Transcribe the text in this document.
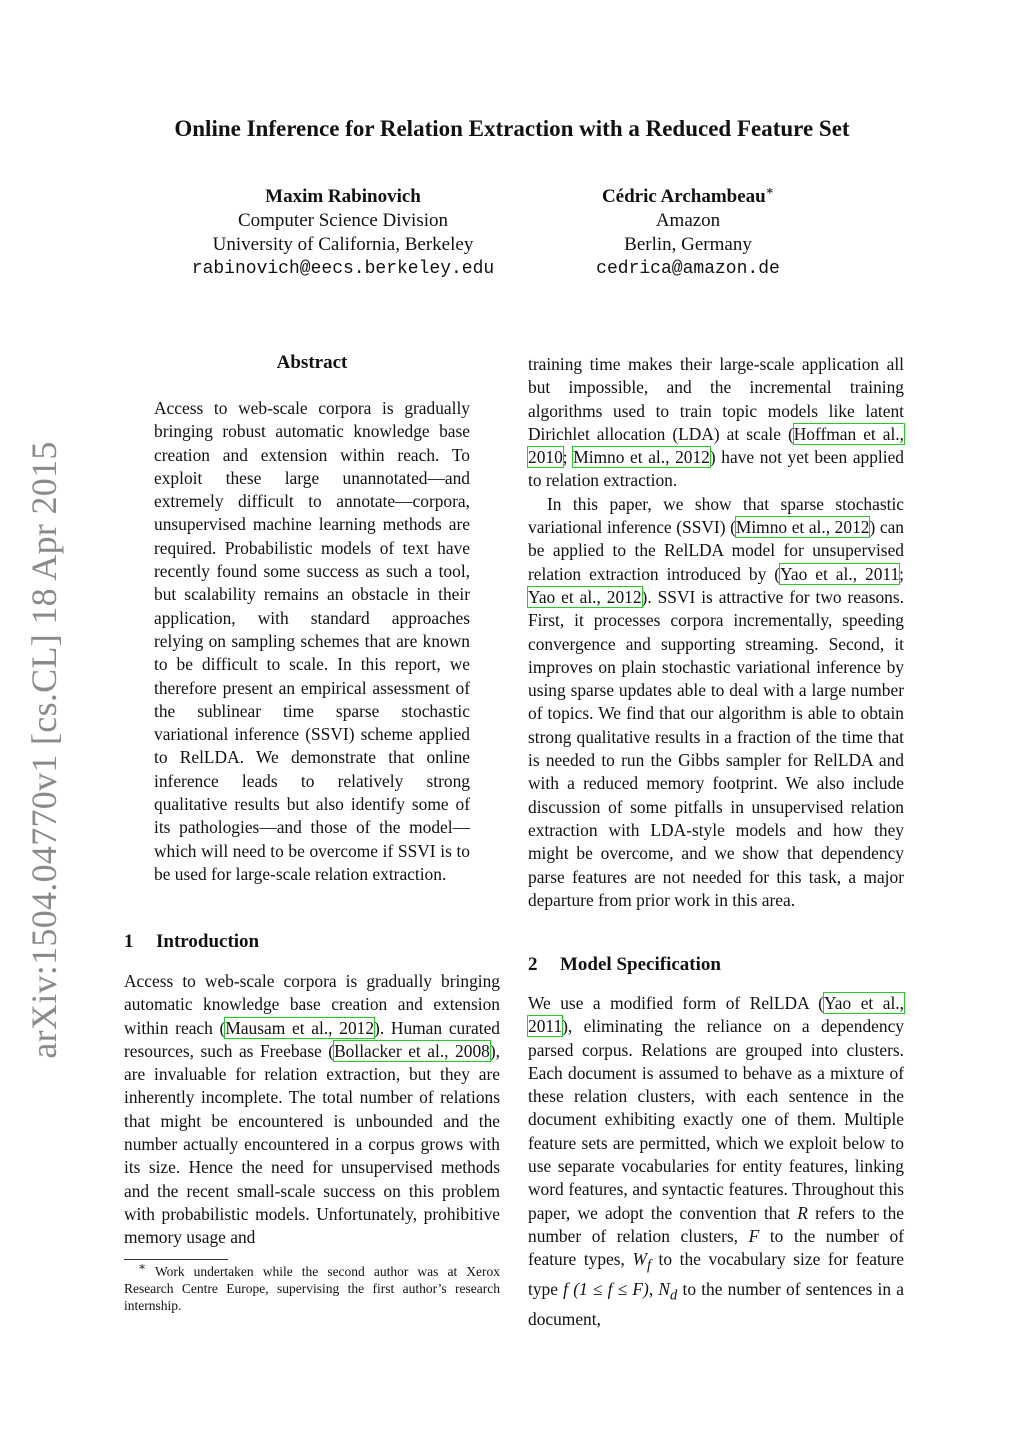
arXiv:1504.04770v1 [cs.CL] 18 Apr 2015
Online Inference for Relation Extraction with a Reduced Feature Set
Maxim Rabinovich
Computer Science Division
University of California, Berkeley
rabinovich@eecs.berkeley.edu
Cédric Archambeau∗
Amazon
Berlin, Germany
cedrica@amazon.de
Abstract
Access to web-scale corpora is gradually bringing robust automatic knowledge base creation and extension within reach. To exploit these large unannotated—and extremely difficult to annotate—corpora, unsupervised machine learning methods are required. Probabilistic models of text have recently found some success as such a tool, but scalability remains an obstacle in their application, with standard approaches relying on sampling schemes that are known to be difficult to scale. In this report, we therefore present an empirical assessment of the sublinear time sparse stochastic variational inference (SSVI) scheme applied to RelLDA. We demonstrate that online inference leads to relatively strong qualitative results but also identify some of its pathologies—and those of the model—which will need to be overcome if SSVI is to be used for large-scale relation extraction.
1 Introduction

Access to web-scale corpora is gradually bringing automatic knowledge base creation and extension within reach (Mausam et al., 2012). Human curated resources, such as Freebase (Bollacker et al., 2008), are invaluable for relation extraction, but they are inherently incomplete. The total number of relations that might be encountered is unbounded and the number actually encountered in a corpus grows with its size. Hence the need for unsupervised methods and the recent small-scale success on this problem with probabilistic models. Unfortunately, prohibitive memory usage and

training time makes their large-scale application all but impossible, and the incremental training algorithms used to train topic models like latent Dirichlet allocation (LDA) at scale (Hoffman et al., 2010; Mimno et al., 2012) have not yet been applied to relation extraction.

In this paper, we show that sparse stochastic variational inference (SSVI) (Mimno et al., 2012) can be applied to the RelLDA model for unsupervised relation extraction introduced by (Yao et al., 2011; Yao et al., 2012). SSVI is attractive for two reasons. First, it processes corpora incrementally, speeding convergence and supporting streaming. Second, it improves on plain stochastic variational inference by using sparse updates able to deal with a large number of topics. We find that our algorithm is able to obtain strong qualitative results in a fraction of the time that is needed to run the Gibbs sampler for RelLDA and with a reduced memory footprint. We also include discussion of some pitfalls in unsupervised relation extraction with LDA-style models and how they might be overcome, and we show that dependency parse features are not needed for this task, a major departure from prior work in this area.

2 Model Specification

We use a modified form of RelLDA (Yao et al., 2011), eliminating the reliance on a dependency parsed corpus. Relations are grouped into clusters. Each document is assumed to behave as a mixture of these relation clusters, with each sentence in the document exhibiting exactly one of them. Multiple feature sets are permitted, which we exploit below to use separate vocabularies for entity features, linking word features, and syntactic features. Throughout this paper, we adopt the convention that R refers to the number of relation clusters, F to the number of feature types, $W_f$ to the vocabulary size for feature type f (1 ≤ f ≤ F), $N_d$ to the number of sentences in a document,

∗ Work undertaken while the second author was at Xerox Research Centre Europe, supervising the first author’s research internship.
